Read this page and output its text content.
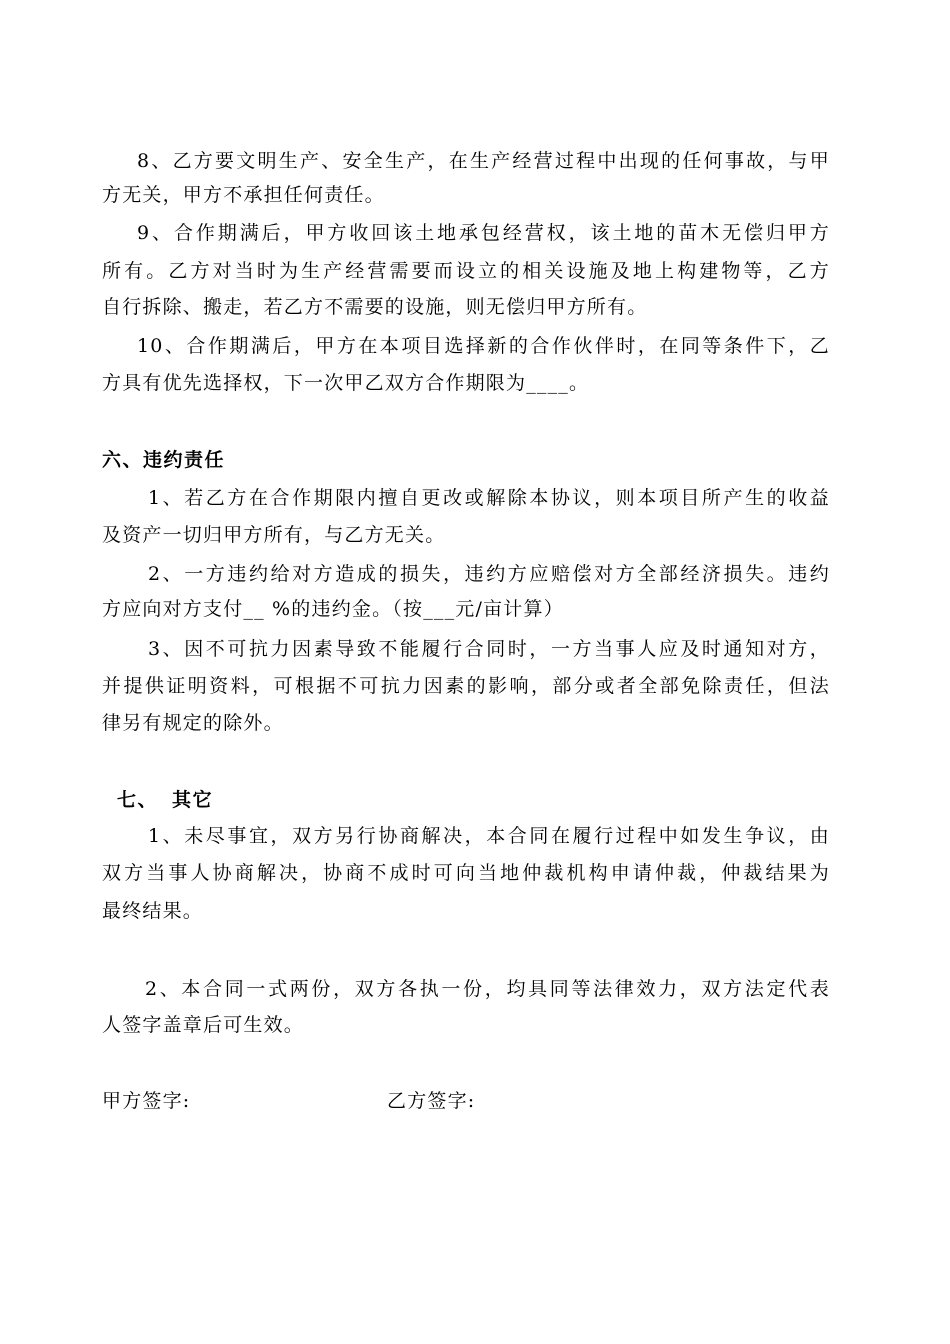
8、乙方要文明生产、安全生产，在生产经营过程中出现的任何事故，与甲
方无关，甲方不承担任何责任。
9、合作期满后，甲方收回该土地承包经营权，该土地的苗木无偿归甲方
所有。乙方对当时为生产经营需要而设立的相关设施及地上构建物等，乙方
自行拆除、搬走，若乙方不需要的设施，则无偿归甲方所有。
10、合作期满后，甲方在本项目选择新的合作伙伴时，在同等条件下，乙
方具有优先选择权，下一次甲乙双方合作期限为____。
六、违约责任
1、若乙方在合作期限内擅自更改或解除本协议，则本项目所产生的收益
及资产一切归甲方所有，与乙方无关。
2、一方违约给对方造成的损失，违约方应赔偿对方全部经济损失。违约
方应向对方支付__ %的违约金。（按___元/亩计算）
3、因不可抗力因素导致不能履行合同时，一方当事人应及时通知对方，
并提供证明资料，可根据不可抗力因素的影响，部分或者全部免除责任，但法
律另有规定的除外。
七、 其它
1、未尽事宜，双方另行协商解决，本合同在履行过程中如发生争议，由
双方当事人协商解决，协商不成时可向当地仲裁机构申请仲裁，仲裁结果为
最终结果。
2、本合同一式两份，双方各执一份，均具同等法律效力，双方法定代表
人签字盖章后可生效。
甲方签字:	乙方签字:
